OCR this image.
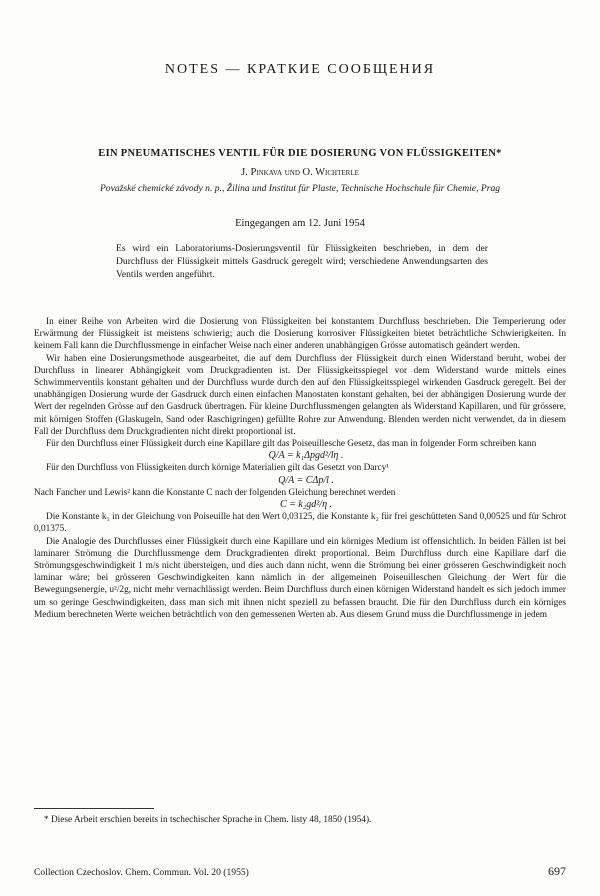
NOTES — КРАТКИЕ СООБЩЕНИЯ
EIN PNEUMATISCHES VENTIL FÜR DIE DOSIERUNG VON FLÜSSIGKEITEN*
J. Pinkava und O. Wichterle
Považské chemické závody n. p., Žilina und Institut für Plaste, Technische Hochschule für Chemie, Prag
Eingegangen am 12. Juni 1954
Es wird ein Laboratoriums-Dosierungsventil für Flüssigkeiten beschrieben, in dem der Durchfluss der Flüssigkeit mittels Gasdruck geregelt wird; verschiedene Anwendungsarten des Ventils werden angeführt.

In einer Reihe von Arbeiten wird die Dosierung von Flüssigkeiten bei konstantem Durchfluss beschrieben. Die Temperierung oder Erwärmung der Flüssigkeit ist meistens schwierig; auch die Dosierung korrosiver Flüssigkeiten bietet beträchtliche Schwierigkeiten. In keinem Fall kann die Durchflussmenge in einfacher Weise nach einer anderen unabhängigen Grösse automatisch geändert werden.

Wir haben eine Dosierungsmethode ausgearbeitet, die auf dem Durchfluss der Flüssigkeit durch einen Widerstand beruht, wobei der Durchfluss in linearer Abhängigkeit vom Druckgradienten ist. Der Flüssigkeitsspiegel vor dem Widerstand wurde mittels eines Schwimmerventils konstant gehalten und der Durchfluss wurde durch den auf den Flüssigkeitsspiegel wirkenden Gasdruck geregelt. Bei der unabhängigen Dosierung wurde der Gasdruck durch einen einfachen Manostaten konstant gehalten, bei der abhängigen Dosierung wurde der Wert der regelnden Grösse auf den Gasdruck übertragen. Für kleine Durchflussmengen gelangten als Widerstand Kapillaren, und für grössere, mit körnigen Stoffen (Glaskugeln, Sand oder Raschigringen) gefüllte Rohre zur Anwendung. Blenden werden nicht verwendet, da in diesem Fall der Durchfluss dem Druckgradienten nicht direkt proportional ist.

Für den Durchfluss einer Flüssigkeit durch eine Kapillare gilt das Poiseuillesche Gesetz, das man in folgender Form schreiben kann

Q/A = k₁Δpgd²/lη .

Für den Durchfluss von Flüssigkeiten durch körnige Materialien gilt das Gesetzt von Darcy¹

Q/A = CΔp/l .

Nach Fancher und Lewis² kann die Konstante C nach der folgenden Gleichung berechnet werden

C = k₂gd²/η .

Die Konstante k₁ in der Gleichung von Poiseuille hat den Wert 0,03125, die Konstante k₂ für frei geschütteten Sand 0,00525 und für Schrot 0,01375.

Die Analogie des Durchflusses einer Flüssigkeit durch eine Kapillare und ein körniges Medium ist offensichtlich. In beiden Fällen ist bei laminarer Strömung die Durchflussmenge dem Druckgradienten direkt proportional. Beim Durchfluss durch eine Kapillare darf die Strömungsgeschwindigkeit 1 m/s nicht übersteigen, und dies auch dann nicht, wenn die Strömung bei einer grösseren Geschwindigkeit noch laminar wäre; bei grösseren Geschwindigkeiten kann nämlich in der allgemeinen Poiseuilleschen Gleichung der Wert für die Bewegungsenergie, u²/2g, nicht mehr vernachlässigt werden. Beim Durchfluss durch einen körnigen Widerstand handelt es sich jedoch immer um so geringe Geschwindigkeiten, dass man sich mit ihnen nicht speziell zu befassen braucht. Die für den Durchfluss durch ein körniges Medium berechneten Werte weichen beträchtlich von den gemessenen Werten ab. Aus diesem Grund muss die Durchflussmenge in jedem

* Diese Arbeit erschien bereits in tschechischer Sprache in Chem. listy 48, 1850 (1954).
Collection Czechoslov. Chem. Commun. Vol. 20 (1955)	697
